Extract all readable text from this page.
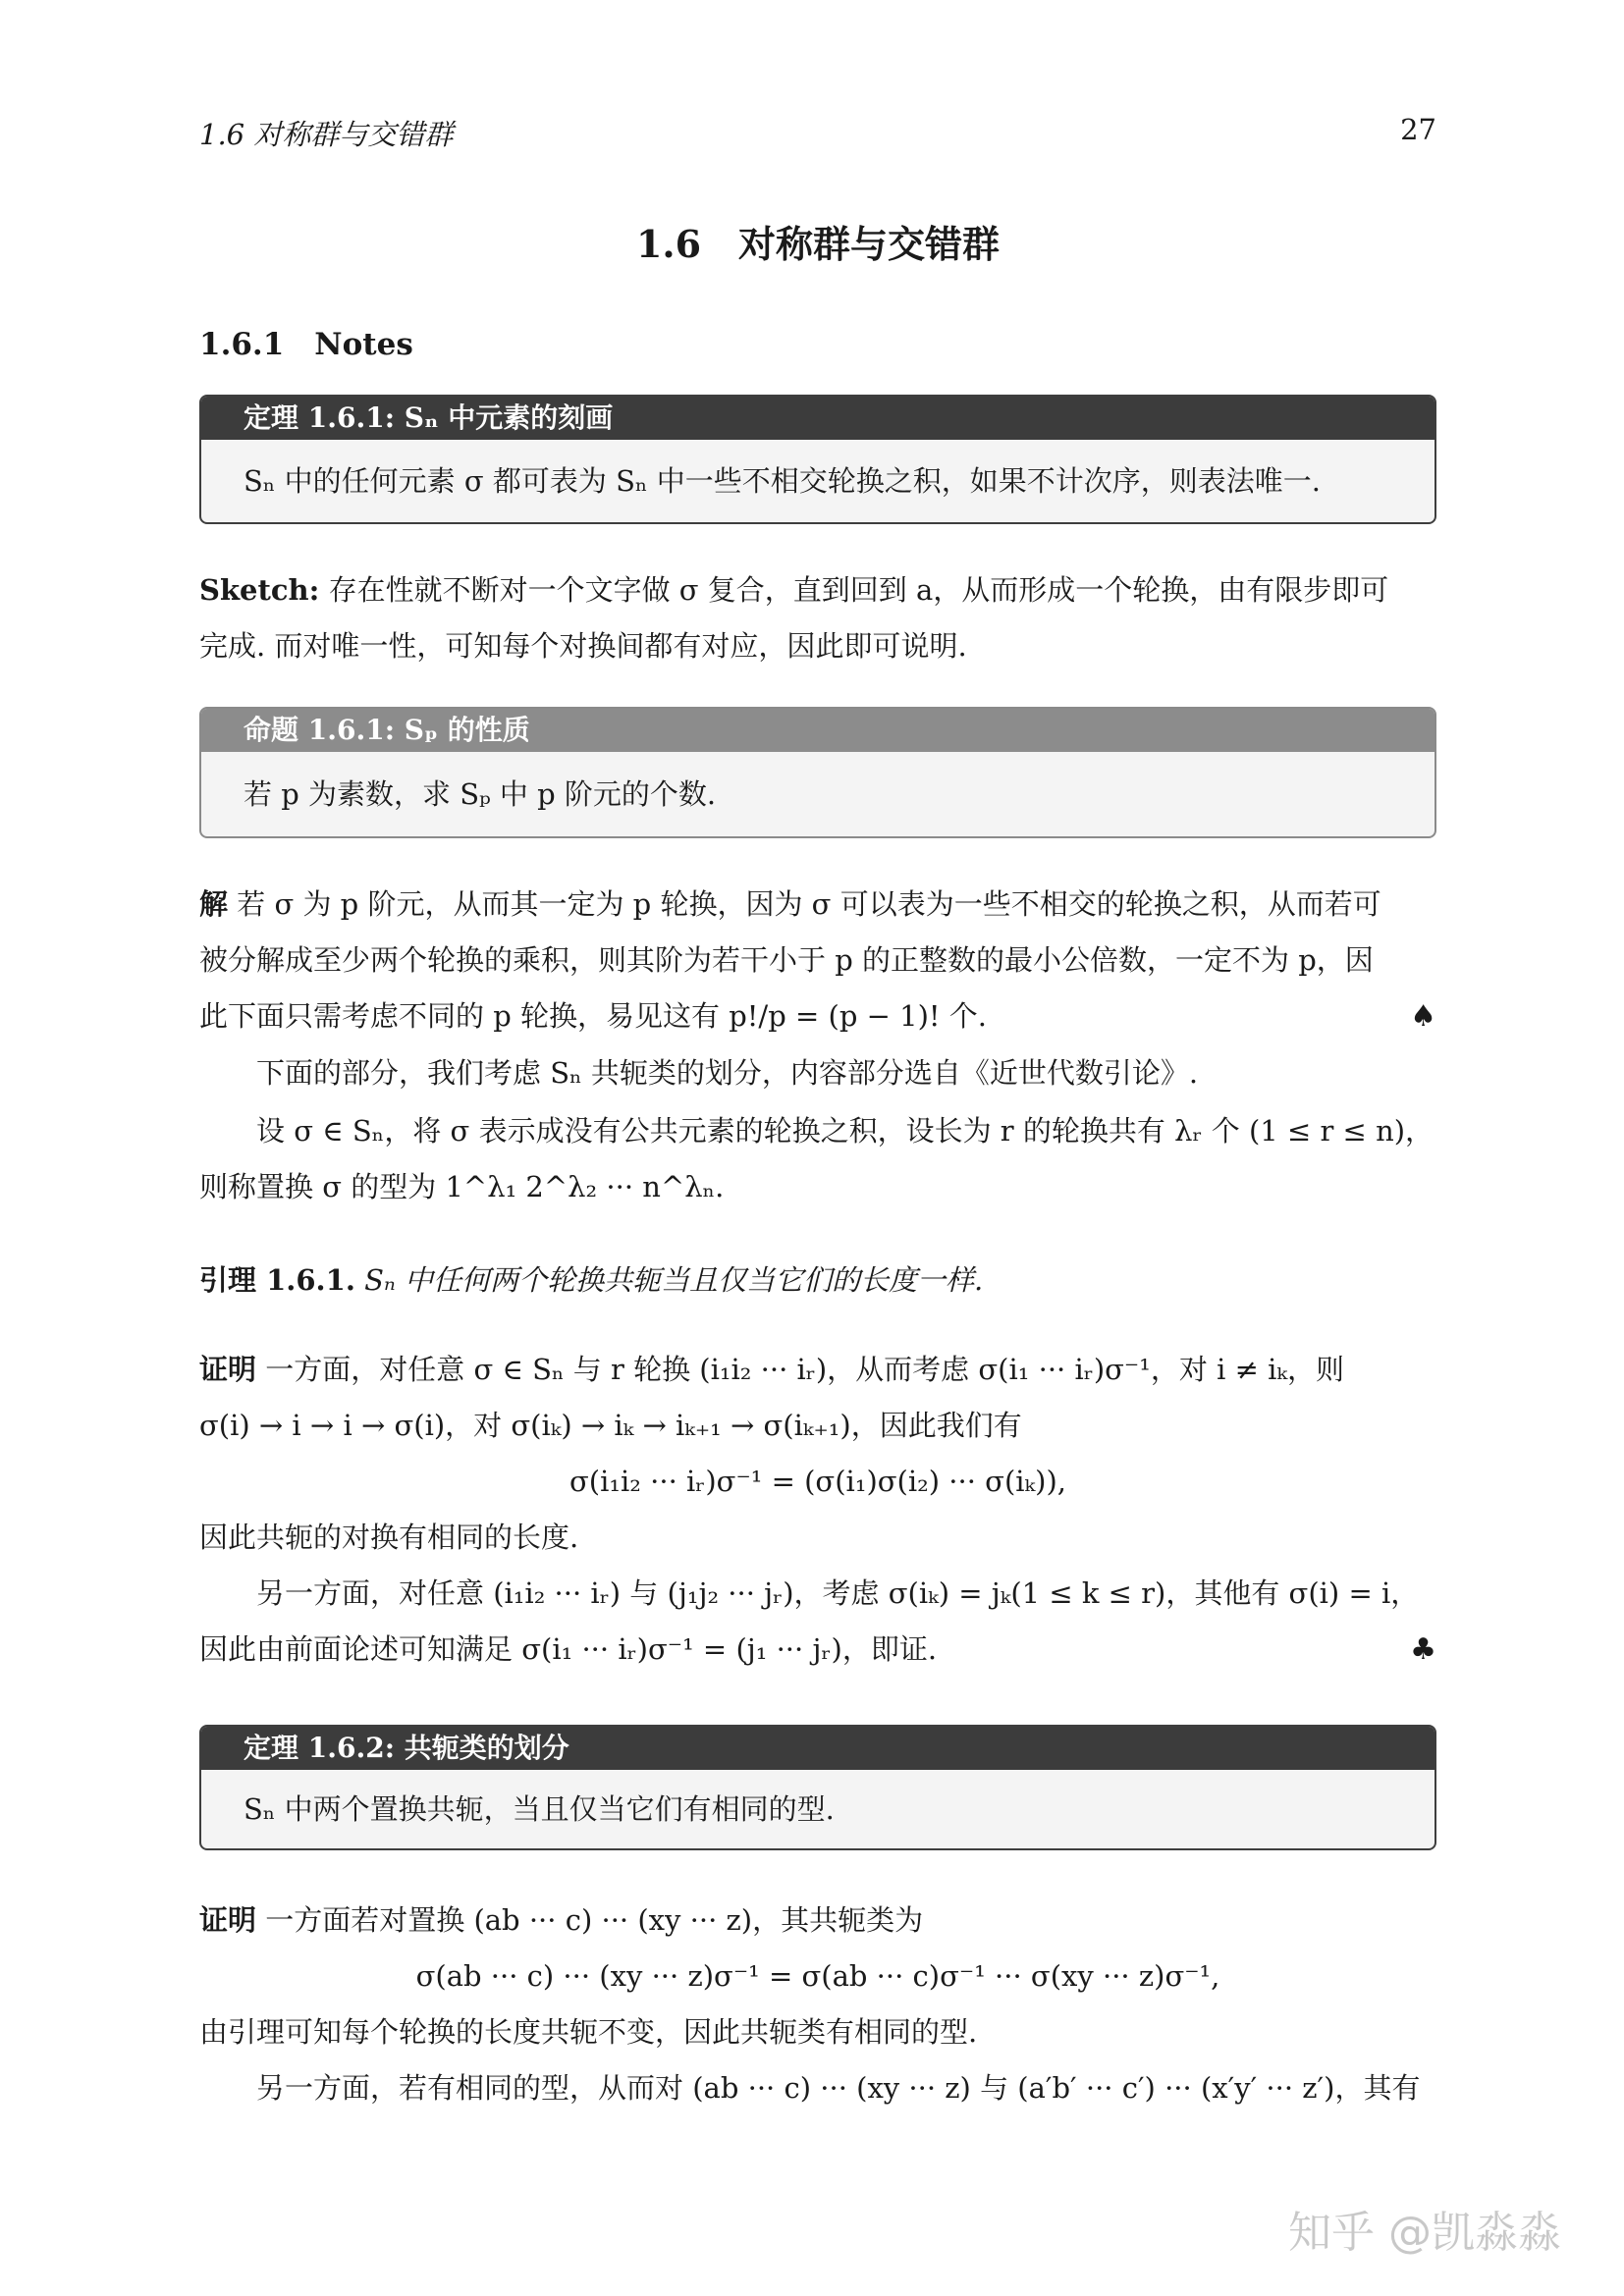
1.6 对称群与交错群	27
1.6　对称群与交错群
1.6.1　Notes
定理 1.6.1: Sₙ 中元素的刻画
Sₙ 中的任何元素 σ 都可表为 Sₙ 中一些不相交轮换之积，如果不计次序，则表法唯一.
Sketch: 存在性就不断对一个文字做 σ 复合，直到回到 a，从而形成一个轮换，由有限步即可
完成. 而对唯一性，可知每个对换间都有对应，因此即可说明.
命题 1.6.1: Sₚ 的性质
若 p 为素数，求 Sₚ 中 p 阶元的个数.
解 若 σ 为 p 阶元，从而其一定为 p 轮换，因为 σ 可以表为一些不相交的轮换之积，从而若可
被分解成至少两个轮换的乘积，则其阶为若干小于 p 的正整数的最小公倍数，一定不为 p，因
此下面只需考虑不同的 p 轮换，易见这有 p!/p = (p − 1)! 个.	♠
下面的部分，我们考虑 Sₙ 共轭类的划分，内容部分选自《近世代数引论》.
设 σ ∈ Sₙ，将 σ 表示成没有公共元素的轮换之积，设长为 r 的轮换共有 λᵣ 个 (1 ≤ r ≤ n)，
则称置换 σ 的型为 1^λ₁ 2^λ₂ ··· n^λₙ.
引理 1.6.1. Sₙ 中任何两个轮换共轭当且仅当它们的长度一样.
证明 一方面，对任意 σ ∈ Sₙ 与 r 轮换 (i₁i₂ ··· iᵣ)，从而考虑 σ(i₁ ··· iᵣ)σ⁻¹，对 i ≠ iₖ，则
σ(i) → i → i → σ(i)，对 σ(iₖ) → iₖ → iₖ₊₁ → σ(iₖ₊₁)，因此我们有
σ(i₁i₂ ··· iᵣ)σ⁻¹ = (σ(i₁)σ(i₂) ··· σ(iₖ)),
因此共轭的对换有相同的长度.
另一方面，对任意 (i₁i₂ ··· iᵣ) 与 (j₁j₂ ··· jᵣ)，考虑 σ(iₖ) = jₖ(1 ≤ k ≤ r)，其他有 σ(i) = i，
因此由前面论述可知满足 σ(i₁ ··· iᵣ)σ⁻¹ = (j₁ ··· jᵣ)，即证.	♣
定理 1.6.2: 共轭类的划分
Sₙ 中两个置换共轭，当且仅当它们有相同的型.
证明 一方面若对置换 (ab ··· c) ··· (xy ··· z)，其共轭类为
σ(ab ··· c) ··· (xy ··· z)σ⁻¹ = σ(ab ··· c)σ⁻¹ ··· σ(xy ··· z)σ⁻¹,
由引理可知每个轮换的长度共轭不变，因此共轭类有相同的型.
另一方面，若有相同的型，从而对 (ab ··· c) ··· (xy ··· z) 与 (a′b′ ··· c′) ··· (x′y′ ··· z′)，其有
知乎 @凯淼淼
